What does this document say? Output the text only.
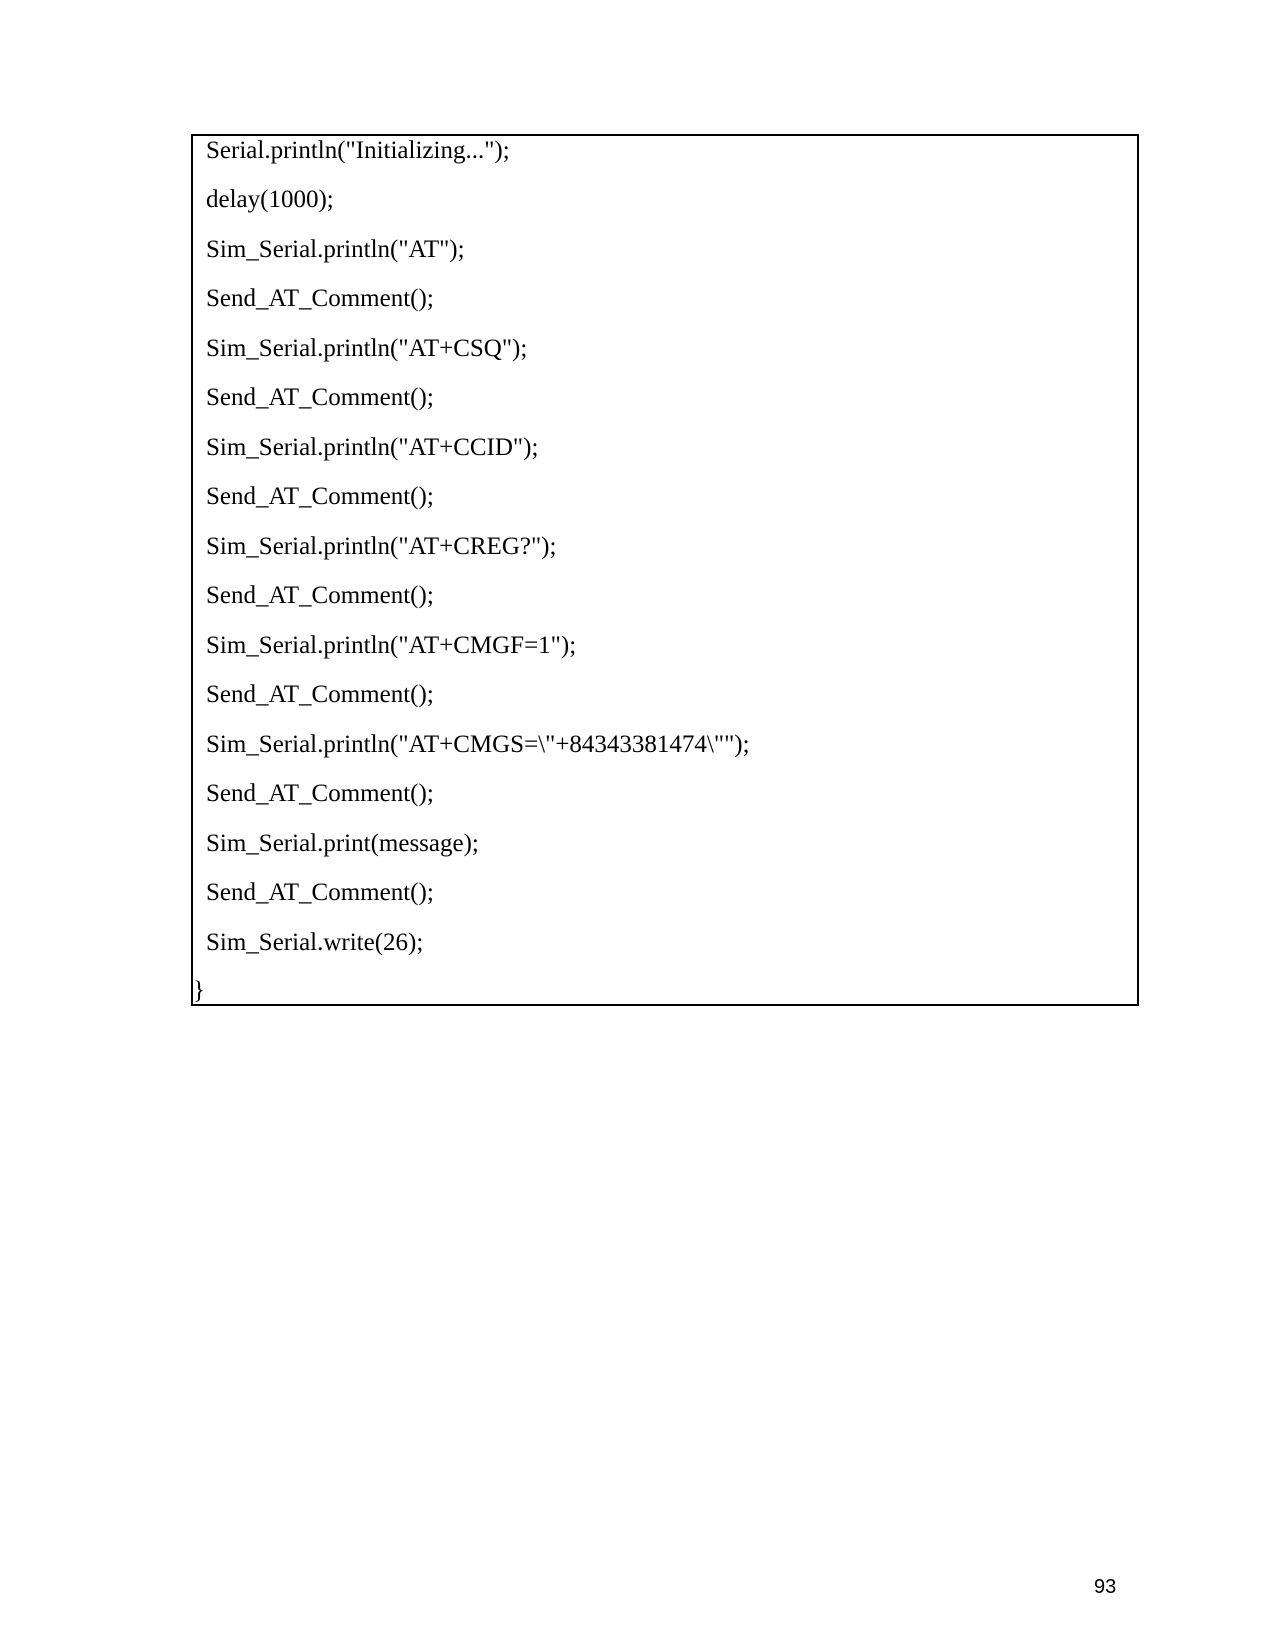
Serial.println("Initializing...");
delay(1000);
Sim_Serial.println("AT");
Send_AT_Comment();
Sim_Serial.println("AT+CSQ");
Send_AT_Comment();
Sim_Serial.println("AT+CCID");
Send_AT_Comment();
Sim_Serial.println("AT+CREG?");
Send_AT_Comment();
Sim_Serial.println("AT+CMGF=1");
Send_AT_Comment();
Sim_Serial.println("AT+CMGS=\"+84343381474\"");
Send_AT_Comment();
Sim_Serial.print(message);
Send_AT_Comment();
Sim_Serial.write(26);
}
93
